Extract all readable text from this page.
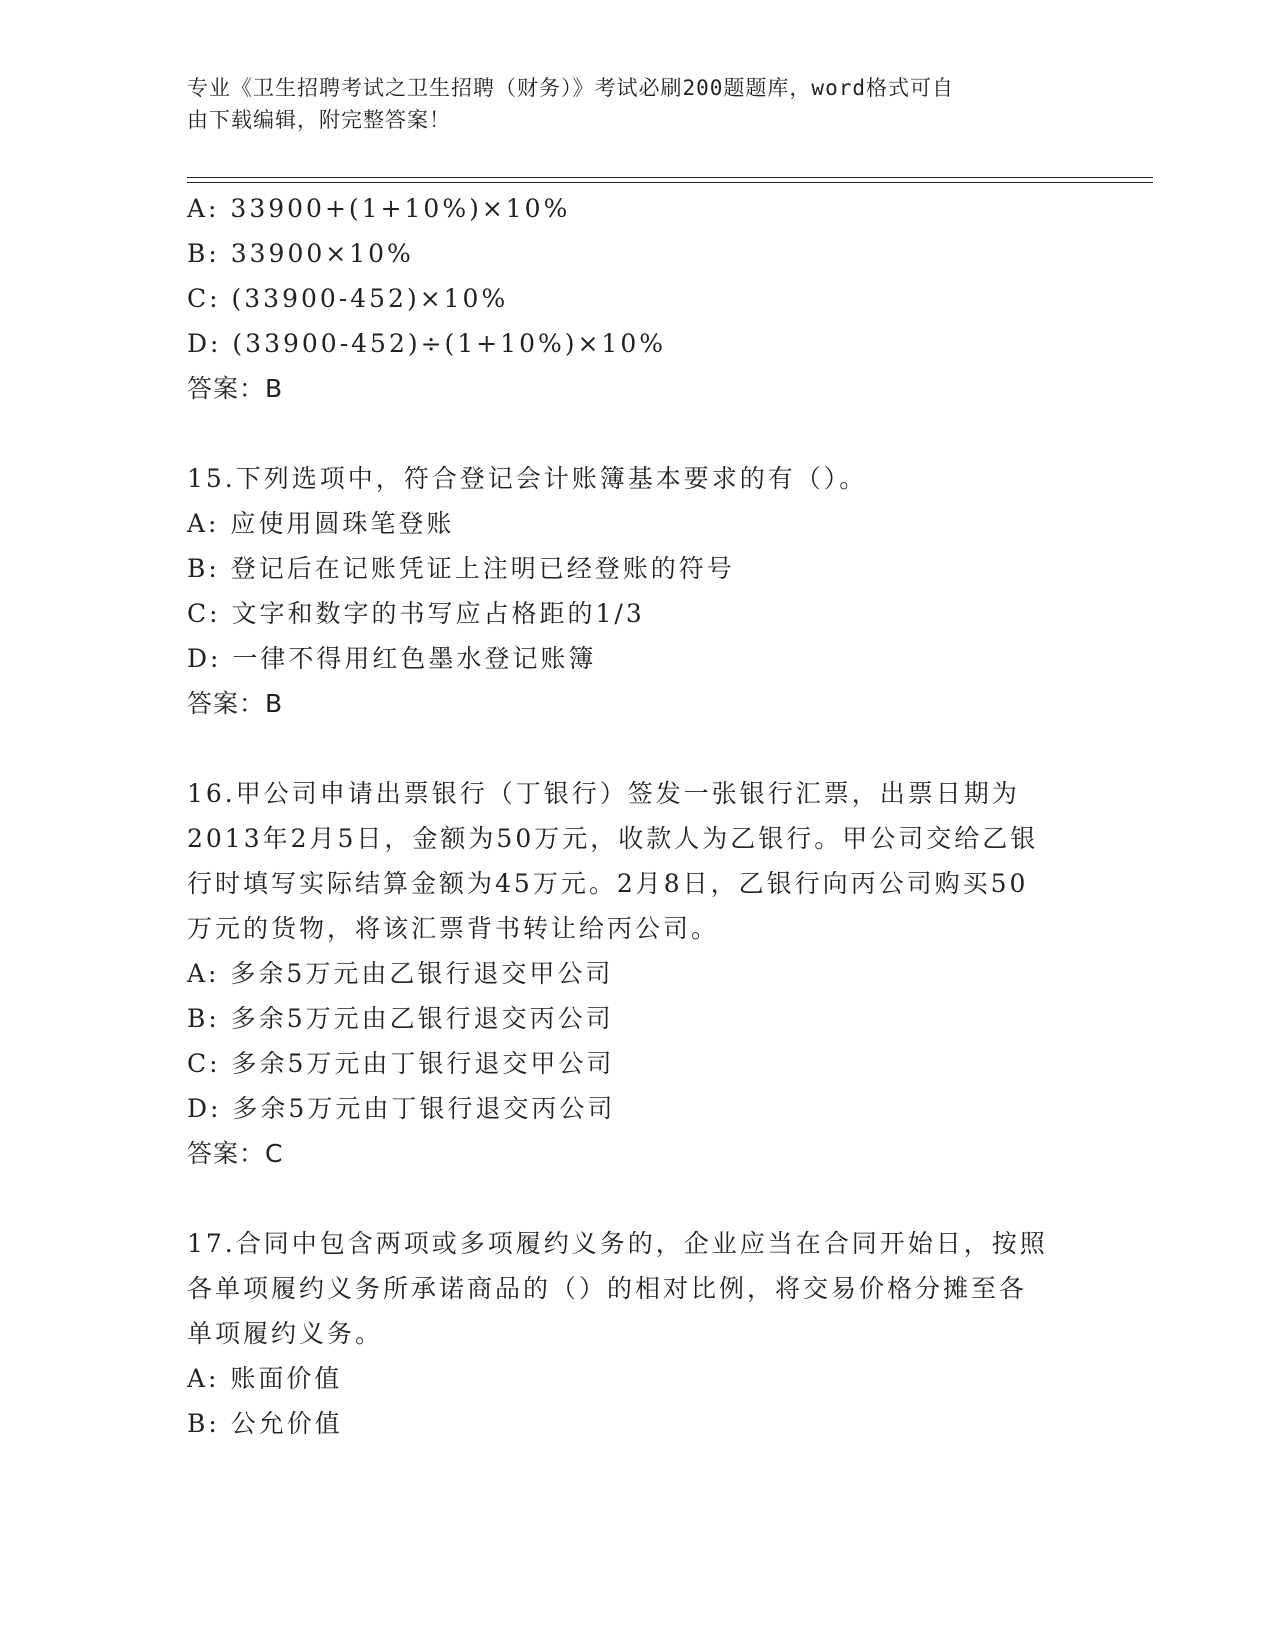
专业《卫生招聘考试之卫生招聘（财务）》考试必刷200题题库，word格式可自
由下载编辑，附完整答案！
A: 33900+(1+10%)×10%
B: 33900×10%
C: (33900-452)×10%
D: (33900-452)÷(1+10%)×10%
答案：B
15.下列选项中，符合登记会计账簿基本要求的有（）。
A: 应使用圆珠笔登账
B: 登记后在记账凭证上注明已经登账的符号
C: 文字和数字的书写应占格距的1/3
D: 一律不得用红色墨水登记账簿
答案：B
16.甲公司申请出票银行（丁银行）签发一张银行汇票，出票日期为
2013年2月5日，金额为50万元，收款人为乙银行。甲公司交给乙银
行时填写实际结算金额为45万元。2月8日，乙银行向丙公司购买50
万元的货物，将该汇票背书转让给丙公司。
A: 多余5万元由乙银行退交甲公司
B: 多余5万元由乙银行退交丙公司
C: 多余5万元由丁银行退交甲公司
D: 多余5万元由丁银行退交丙公司
答案：C
17.合同中包含两项或多项履约义务的，企业应当在合同开始日，按照
各单项履约义务所承诺商品的（）的相对比例，将交易价格分摊至各
单项履约义务。
A: 账面价值
B: 公允价值
